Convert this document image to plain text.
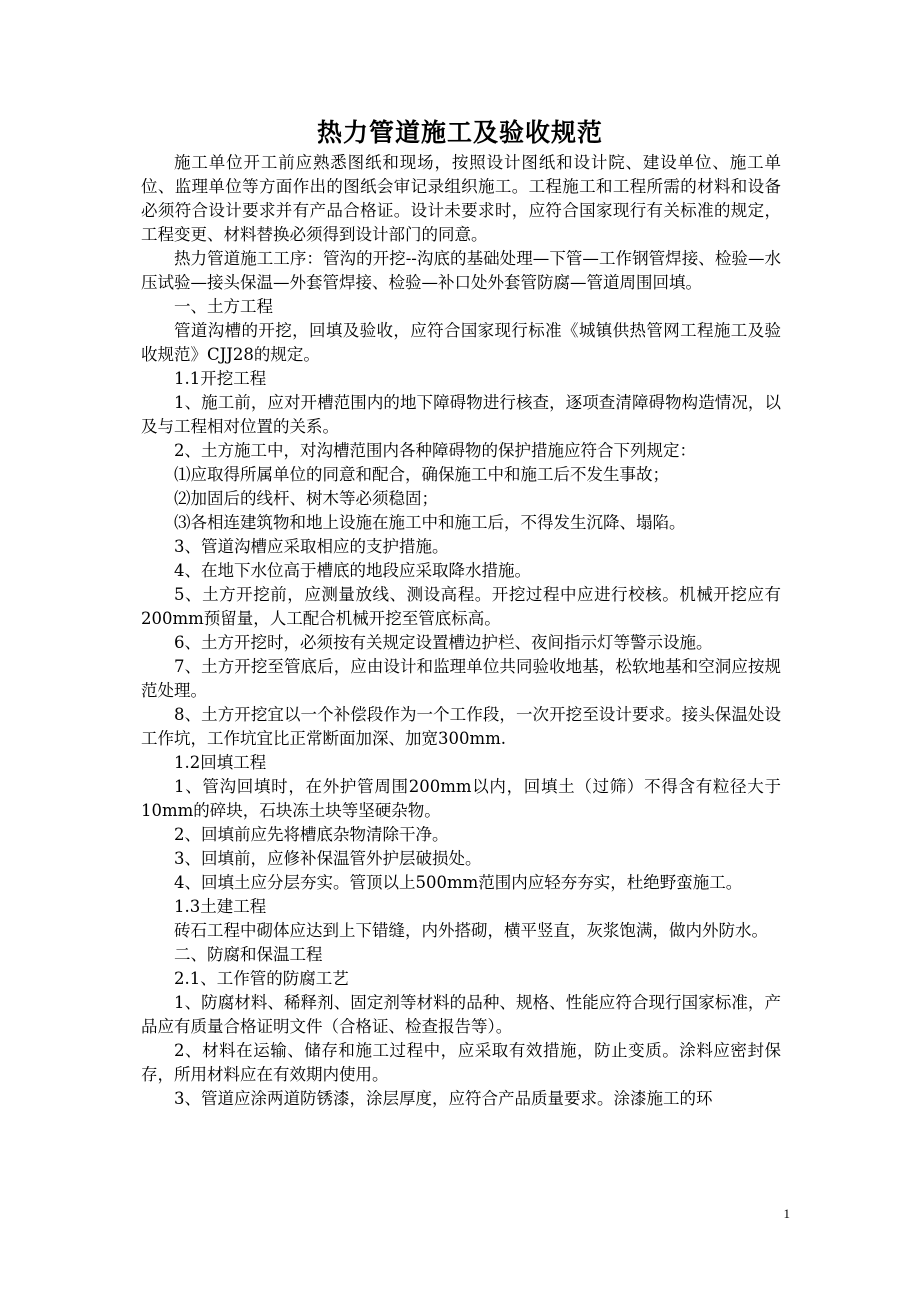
热力管道施工及验收规范

施工单位开工前应熟悉图纸和现场，按照设计图纸和设计院、建设单位、施工单位、监理单位等方面作出的图纸会审记录组织施工。工程施工和工程所需的材料和设备必须符合设计要求并有产品合格证。设计未要求时，应符合国家现行有关标准的规定，工程变更、材料替换必须得到设计部门的同意。

热力管道施工工序：管沟的开挖--沟底的基础处理—下管—工作钢管焊接、检验—水压试验—接头保温—外套管焊接、检验—补口处外套管防腐—管道周围回填。

一、土方工程

管道沟槽的开挖，回填及验收，应符合国家现行标准《城镇供热管网工程施工及验收规范》CJJ28的规定。

1.1开挖工程

1、施工前，应对开槽范围内的地下障碍物进行核查，逐项查清障碍物构造情况，以及与工程相对位置的关系。

2、土方施工中，对沟槽范围内各种障碍物的保护措施应符合下列规定：

⑴应取得所属单位的同意和配合，确保施工中和施工后不发生事故；

⑵加固后的线杆、树木等必须稳固；

⑶各相连建筑物和地上设施在施工中和施工后，不得发生沉降、塌陷。

3、管道沟槽应采取相应的支护措施。

4、在地下水位高于槽底的地段应采取降水措施。

5、土方开挖前，应测量放线、测设高程。开挖过程中应进行校核。机械开挖应有200mm预留量，人工配合机械开挖至管底标高。

6、土方开挖时，必须按有关规定设置槽边护栏、夜间指示灯等警示设施。

7、土方开挖至管底后，应由设计和监理单位共同验收地基，松软地基和空洞应按规范处理。

8、土方开挖宜以一个补偿段作为一个工作段，一次开挖至设计要求。接头保温处设工作坑，工作坑宜比正常断面加深、加宽300mm.

1.2回填工程

1、管沟回填时，在外护管周围200mm以内，回填土（过筛）不得含有粒径大于10mm的碎块，石块冻土块等坚硬杂物。

2、回填前应先将槽底杂物清除干净。

3、回填前，应修补保温管外护层破损处。

4、回填土应分层夯实。管顶以上500mm范围内应轻夯夯实，杜绝野蛮施工。

1.3土建工程

砖石工程中砌体应达到上下错缝，内外搭砌，横平竖直，灰浆饱满，做内外防水。

二、防腐和保温工程

2.1、工作管的防腐工艺

1、防腐材料、稀释剂、固定剂等材料的品种、规格、性能应符合现行国家标准，产品应有质量合格证明文件（合格证、检查报告等）。

2、材料在运输、储存和施工过程中，应采取有效措施，防止变质。涂料应密封保存，所用材料应在有效期内使用。

3、管道应涂两道防锈漆，涂层厚度，应符合产品质量要求。涂漆施工的环

1
